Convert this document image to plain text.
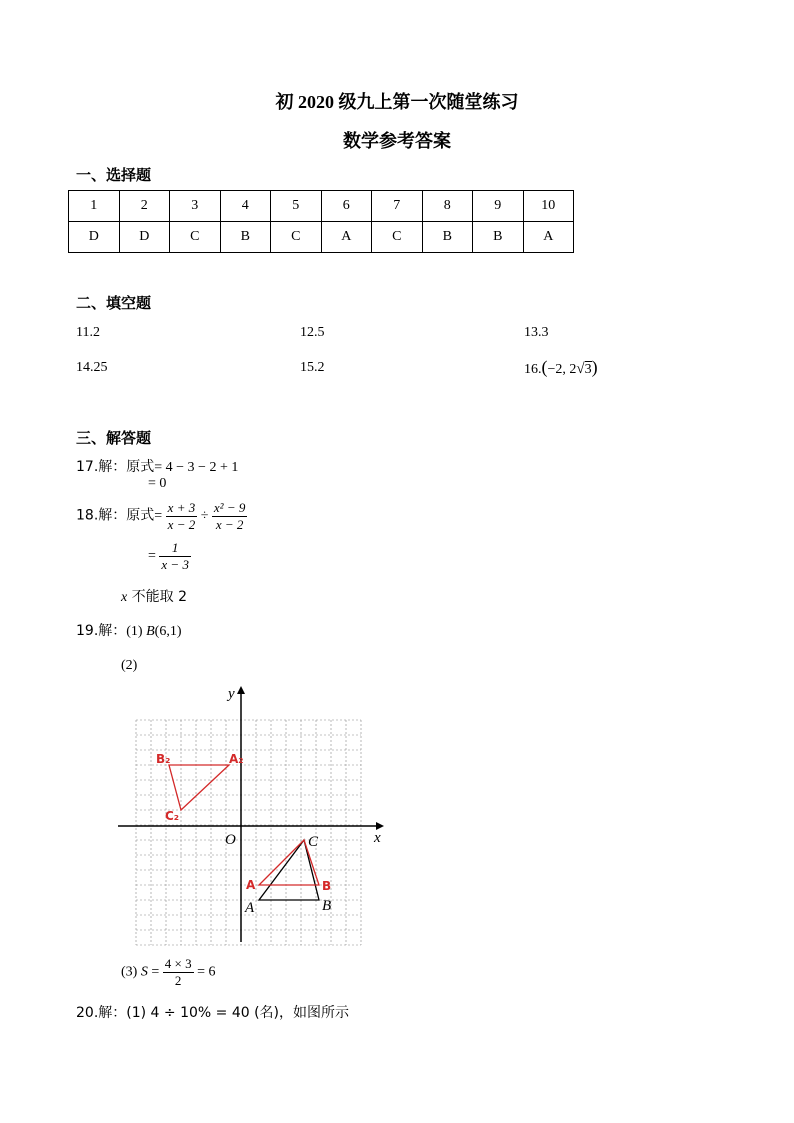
初 2020 级九上第一次随堂练习
数学参考答案
一、选择题
1	2	3	4	5	6	7	8	9	10
D	D	C	B	C	A	C	B	B	A
二、填空题
11.2	12.5	13.3
14.25	15.2	16.(−2, 2√3)
三、解答题
17.解：原式= 4 − 3 − 2 + 1
= 0
18.解：原式= $\frac{x + 3}{x - 2} \div \frac{\text{x² − 9}}{x - 2}$
= $\frac{1}{x - 3}$
x 不能取 2
19.解：(1) B(6,1)
(2)
x
y
O
A	B
C
B₂	A₂
C₂
A	B
(3) $S = \frac{4 \times 3}{2} = 6$
20.解：(1) 4 ÷ 10% = 40 (名)，如图所示
